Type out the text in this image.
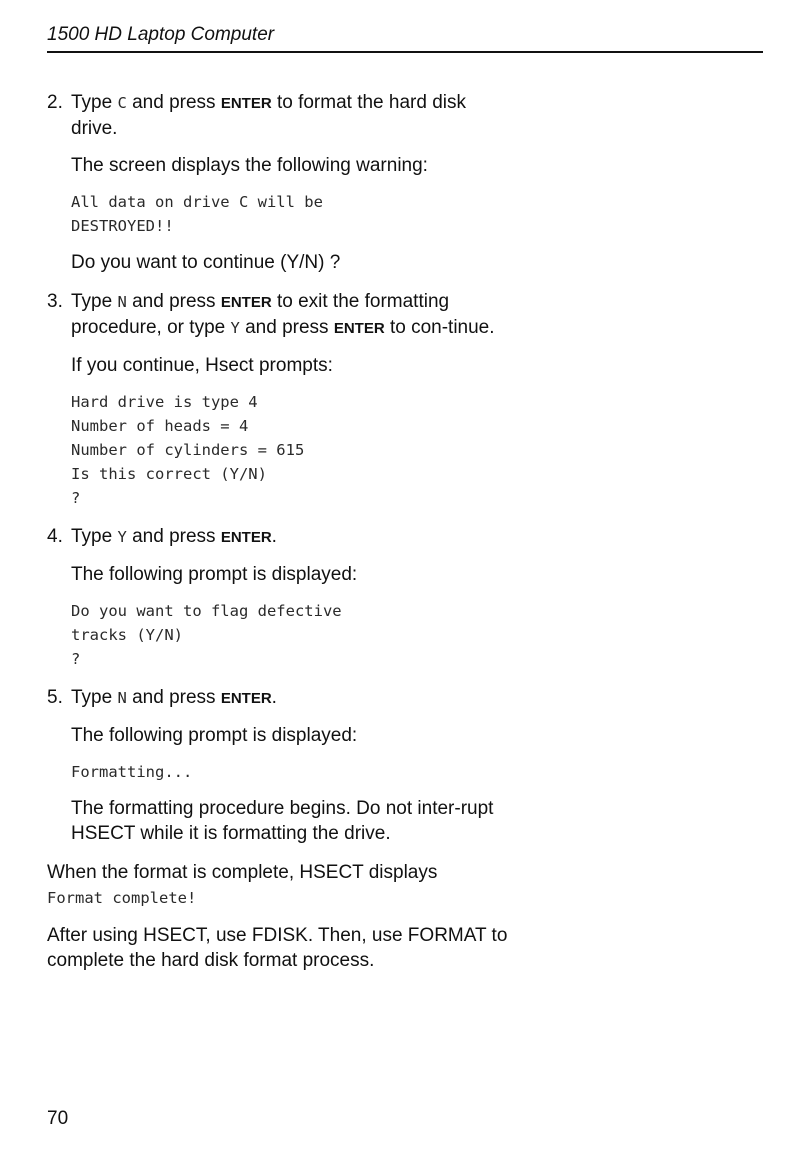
1500 HD Laptop Computer
2. Type C and press ENTER to format the hard disk drive.

The screen displays the following warning:

All data on drive C will be
DESTROYED!!

Do you want to continue (Y/N) ?

3. Type N and press ENTER to exit the formatting procedure, or type Y and press ENTER to con-tinue.

If you continue, Hsect prompts:

Hard drive is type 4
Number of heads = 4
Number of cylinders = 615
Is this correct (Y/N)
?
4. Type Y and press ENTER.

The following prompt is displayed:

Do you want to flag defective
tracks (Y/N)
?
5. Type N and press ENTER.

The following prompt is displayed:

Formatting...

The formatting procedure begins. Do not inter-rupt HSECT while it is formatting the drive.

When the format is complete, HSECT displays
Format complete!

After using HSECT, use FDISK. Then, use FORMAT to complete the hard disk format process.

70
